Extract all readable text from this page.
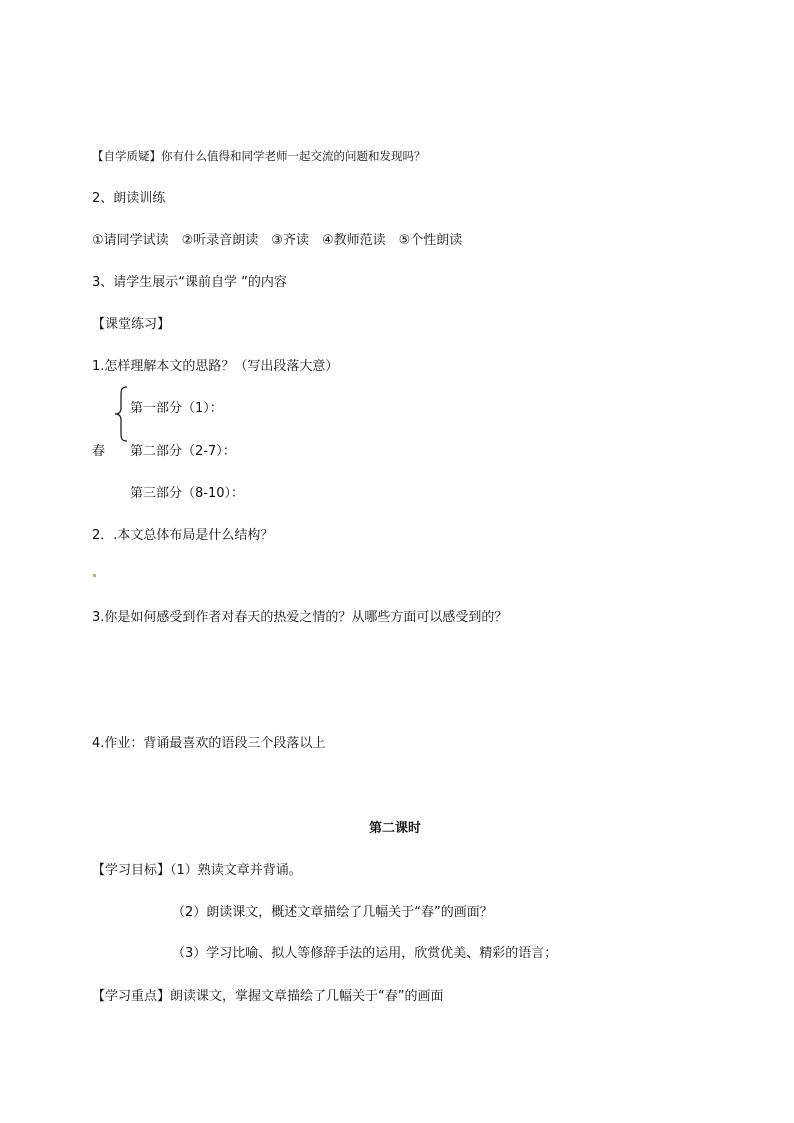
【自学质疑】你有什么值得和同学老师一起交流的问题和发现吗？
2、朗读训练
①请同学试读　②听录音朗读　③齐读　④教师范读　⑤个性朗读
3、请学生展示“课前自学 ”的内容
【课堂练习】
1.怎样理解本文的思路？（写出段落大意）
第一部分（1）：
春 第二部分（2-7）：
第三部分（8-10）：
2．.本文总体布局是什么结构？
3.你是如何感受到作者对春天的热爱之情的？从哪些方面可以感受到的？
4.作业：背诵最喜欢的语段三个段落以上
第二课时
【学习目标】（1）熟读文章并背诵。
（2）朗读课文，概述文章描绘了几幅关于“春”的画面？
（3）学习比喻、拟人等修辞手法的运用，欣赏优美、精彩的语言；
【学习重点】朗读课文，掌握文章描绘了几幅关于“春”的画面
